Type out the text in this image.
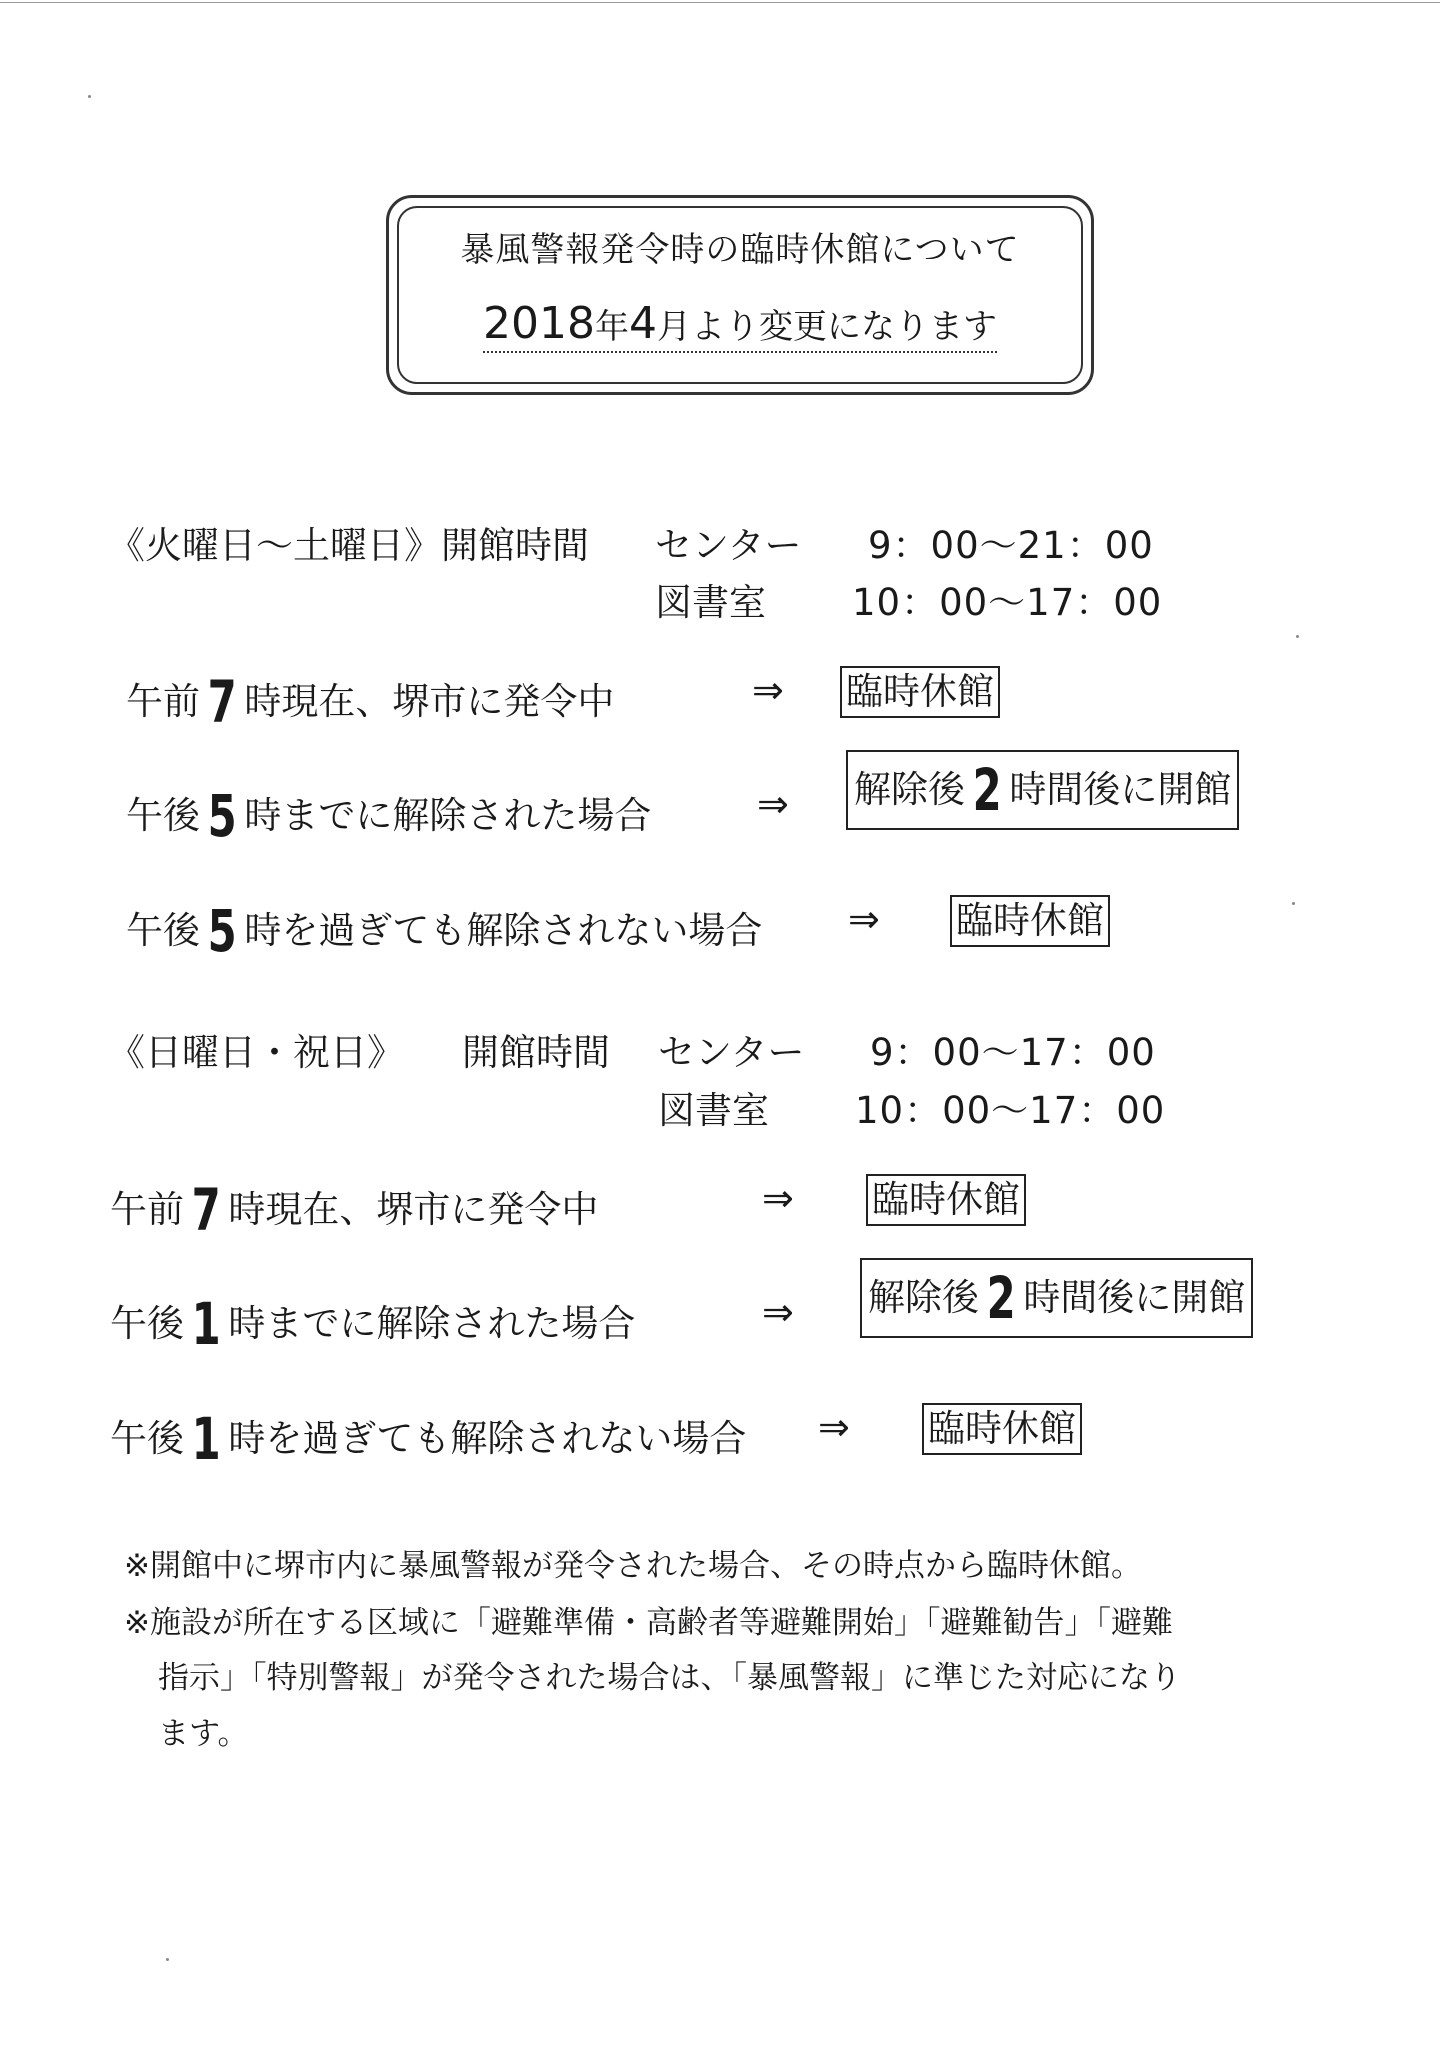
暴風警報発令時の臨時休館について
2018年4月より変更になります
《火曜日～土曜日》開館時間 センター 9：00～21：00
図書室 10：00～17：00
午前 7 時現在、堺市に発令中	⇒ 臨時休館
午後 5 時までに解除された場合	⇒ 解除後 2 時間後に開館
午後 5 時を過ぎても解除されない場合 ⇒ 臨時休館
《日曜日・祝日》 開館時間 センター 9：00～17：00
図書室 10：00～17：00
午前 7 時現在、堺市に発令中	⇒ 臨時休館
午後 1 時までに解除された場合	⇒ 解除後 2 時間後に開館
午後 1 時を過ぎても解除されない場合 ⇒ 臨時休館
※開館中に堺市内に暴風警報が発令された場合、その時点から臨時休館。
※施設が所在する区域に「避難準備・高齢者等避難開始」「避難勧告」「避難
指示」「特別警報」が発令された場合は、「暴風警報」に準じた対応になり
ます。
